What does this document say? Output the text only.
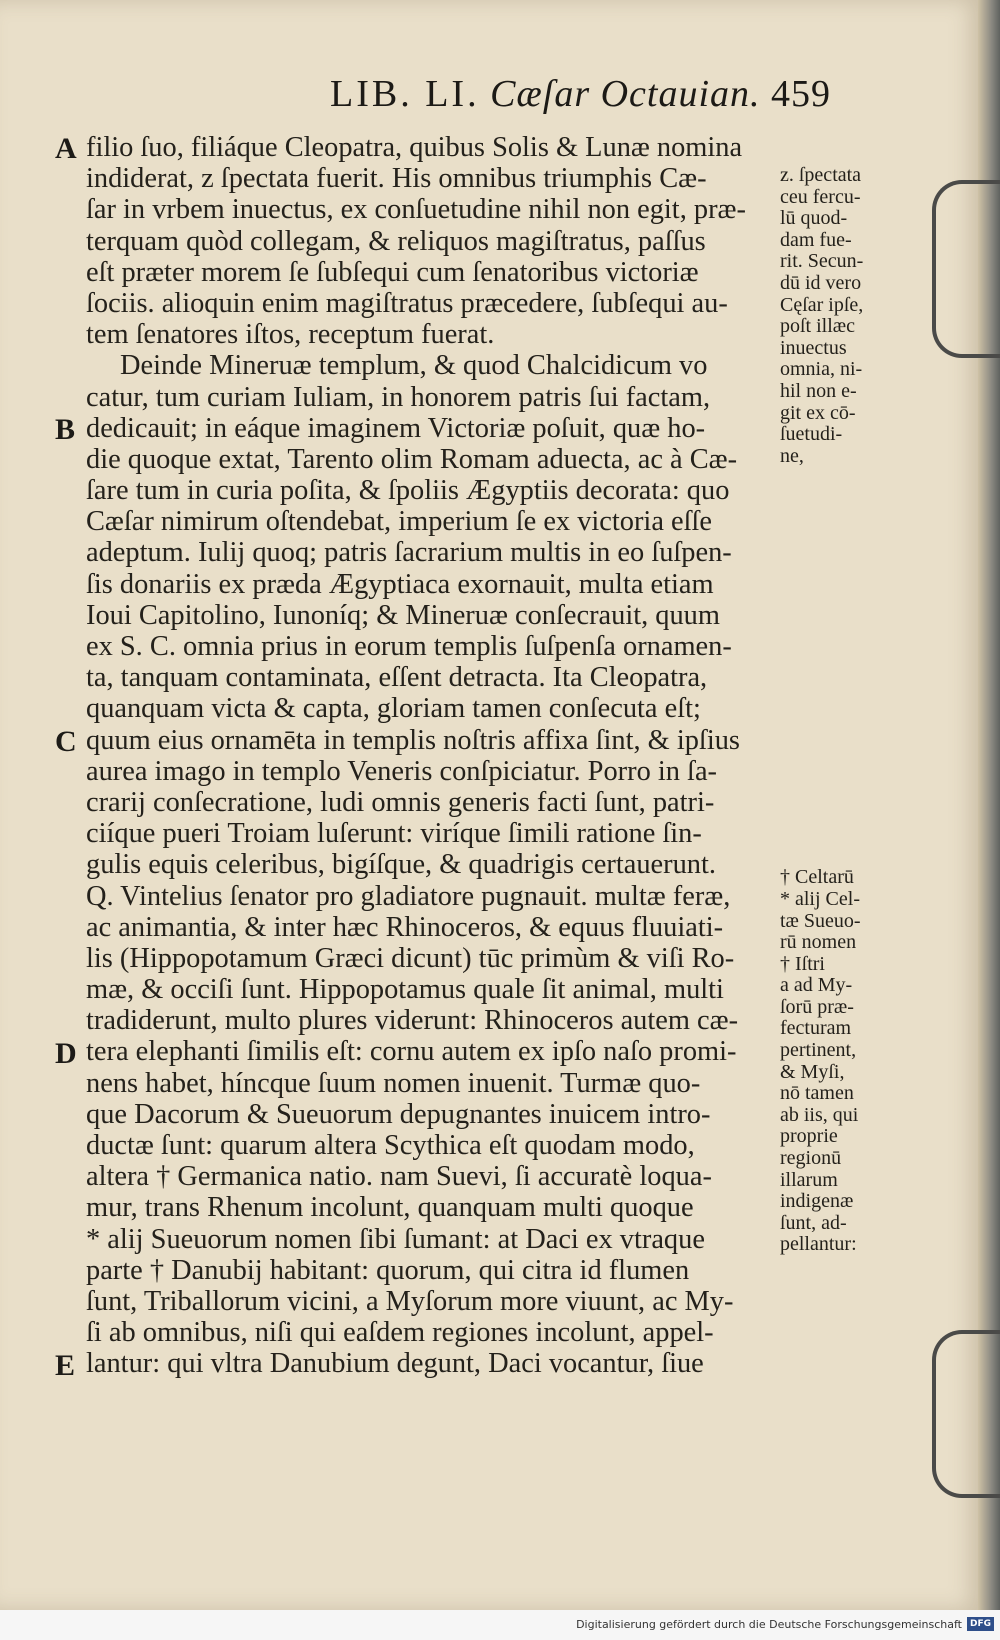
LIB. LI. Cæſar Octauian. 459
A
B
C
D
E
filio ſuo, filiáque Cleopatra, quibus Solis & Lunæ nomina
indiderat, z ſpectata fuerit. His omnibus triumphis Cæ-
ſar in vrbem inuectus, ex conſuetudine nihil non egit, præ-
terquam quòd collegam, & reliquos magiſtratus, paſſus
eſt præter morem ſe ſubſequi cum ſenatoribus victoriæ
ſociis. alioquin enim magiſtratus præcedere, ſubſequi au-
tem ſenatores iſtos, receptum fuerat.
Deinde Mineruæ templum, & quod Chalcidicum vo
catur, tum curiam Iuliam, in honorem patris ſui factam,
dedicauit; in eáque imaginem Victoriæ poſuit, quæ ho-
die quoque extat, Tarento olim Romam aduecta, ac à Cæ-
ſare tum in curia poſita, & ſpoliis Ægyptiis decorata: quo
Cæſar nimirum oſtendebat, imperium ſe ex victoria eſſe
adeptum. Iulij quoq; patris ſacrarium multis in eo ſuſpen-
ſis donariis ex præda Ægyptiaca exornauit, multa etiam
Ioui Capitolino, Iunoníq; & Mineruæ conſecrauit, quum
ex S. C. omnia prius in eorum templis ſuſpenſa ornamen-
ta, tanquam contaminata, eſſent detracta. Ita Cleopatra,
quanquam victa & capta, gloriam tamen conſecuta eſt;
quum eius ornamēta in templis noſtris affixa ſint, & ipſius
aurea imago in templo Veneris conſpiciatur. Porro in ſa-
crarij conſecratione, ludi omnis generis facti ſunt, patri-
ciíque pueri Troiam luſerunt: viríque ſimili ratione ſin-
gulis equis celeribus, bigíſque, & quadrigis certauerunt.
Q. Vintelius ſenator pro gladiatore pugnauit. multæ feræ,
ac animantia, & inter hæc Rhinoceros, & equus fluuiati-
lis (Hippopotamum Græci dicunt) tūc primùm & viſi Ro-
mæ, & occiſi ſunt. Hippopotamus quale ſit animal, multi
tradiderunt, multo plures viderunt: Rhinoceros autem cæ-
tera elephanti ſimilis eſt: cornu autem ex ipſo naſo promi-
nens habet, híncque ſuum nomen inuenit. Turmæ quo-
que Dacorum & Sueuorum depugnantes inuicem intro-
ductæ ſunt: quarum altera Scythica eſt quodam modo,
altera † Germanica natio. nam Suevi, ſi accuratè loqua-
mur, trans Rhenum incolunt, quanquam multi quoque
* alij Sueuorum nomen ſibi ſumant: at Daci ex vtraque
parte † Danubij habitant: quorum, qui citra id flumen
ſunt, Triballorum vicini, a Myſorum more viuunt, ac My-
ſi ab omnibus, niſi qui eaſdem regiones incolunt, appel-
lantur: qui vltra Danubium degunt, Daci vocantur, ſiue
z. ſpectata
ceu fercu-
lū quod-
dam fue-
rit. Secun-
dū id vero
Cęſar ipſe,
poſt illæc
inuectus
omnia, ni-
hil non e-
git ex cō-
ſuetudi-
ne,
† Celtarū
* alij Cel-
tæ Sueuo-
rū nomen
† Iſtri
a ad My-
ſorū præ-
fecturam
pertinent,
& Myſi,
nō tamen
ab iis, qui
proprie
regionū
illarum
indigenæ
ſunt, ad-
pellantur:
Digitalisierung gefördert durch die Deutsche Forschungsgemeinschaft DFG
